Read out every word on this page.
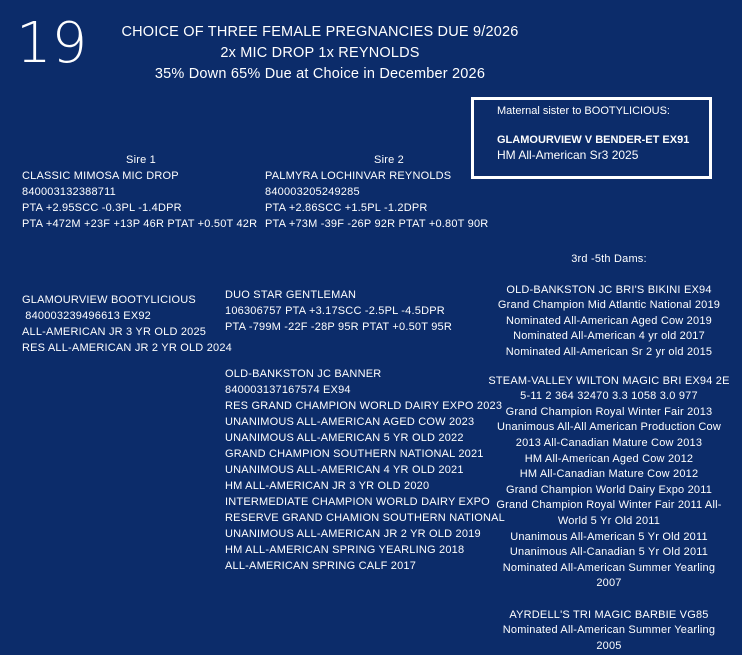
19	CHOICE OF THREE FEMALE PREGNANCIES DUE 9/2026
2x MIC DROP 1x REYNOLDS
35% Down 65% Due at Choice in December 2026
Maternal sister to BOOTYLICIOUS:
GLAMOURVIEW V BENDER-ET EX91
HM All-American Sr3 2025
Sire 1
CLASSIC MIMOSA MIC DROP
840003132388711
PTA +2.95SCC -0.3PL -1.4DPR
PTA +472M +23F +13P 46R PTAT +0.50T 42R
Sire 2
PALMYRA LOCHINVAR REYNOLDS
840003205249285
PTA +2.86SCC +1.5PL -1.2DPR
PTA +73M -39F -26P 92R PTAT +0.80T 90R
GLAMOURVIEW BOOTYLICIOUS
840003239496613 EX92
ALL-AMERICAN JR 3 YR OLD 2025
RES ALL-AMERICAN JR 2 YR OLD 2024
DUO STAR GENTLEMAN
106306757 PTA +3.17SCC -2.5PL -4.5DPR
PTA -799M -22F -28P 95R PTAT +0.50T 95R
OLD-BANKSTON JC BANNER
840003137167574 EX94
RES GRAND CHAMPION WORLD DAIRY EXPO 2023
UNANIMOUS ALL-AMERICAN AGED COW 2023
UNANIMOUS ALL-AMERICAN 5 YR OLD 2022
GRAND CHAMPION SOUTHERN NATIONAL 2021
UNANIMOUS ALL-AMERICAN 4 YR OLD 2021
HM ALL-AMERICAN JR 3 YR OLD 2020
INTERMEDIATE CHAMPION WORLD DAIRY EXPO
RESERVE GRAND CHAMION SOUTHERN NATIONAL
UNANIMOUS ALL-AMERICAN JR 2 YR OLD 2019
HM ALL-AMERICAN SPRING YEARLING 2018
ALL-AMERICAN SPRING CALF 2017
3rd -5th Dams:
OLD-BANKSTON JC BRI'S BIKINI EX94
Grand Champion Mid Atlantic National 2019
Nominated All-American Aged Cow 2019
Nominated All-American 4 yr old 2017
Nominated All-American Sr 2 yr old 2015
STEAM-VALLEY WILTON MAGIC BRI EX94 2E
5-11 2 364 32470 3.3 1058 3.0 977
Grand Champion Royal Winter Fair 2013
Unanimous All-All American Production Cow
2013 All-Canadian Mature Cow 2013
HM All-American Aged Cow 2012
HM All-Canadian Mature Cow 2012
Grand Champion World Dairy Expo 2011
Grand Champion Royal Winter Fair 2011 All-
World 5 Yr Old 2011
Unanimous All-American 5 Yr Old 2011
Unanimous All-Canadian 5 Yr Old 2011
Nominated All-American Summer Yearling
2007
AYRDELL'S TRI MAGIC BARBIE VG85
Nominated All-American Summer Yearling
2005
